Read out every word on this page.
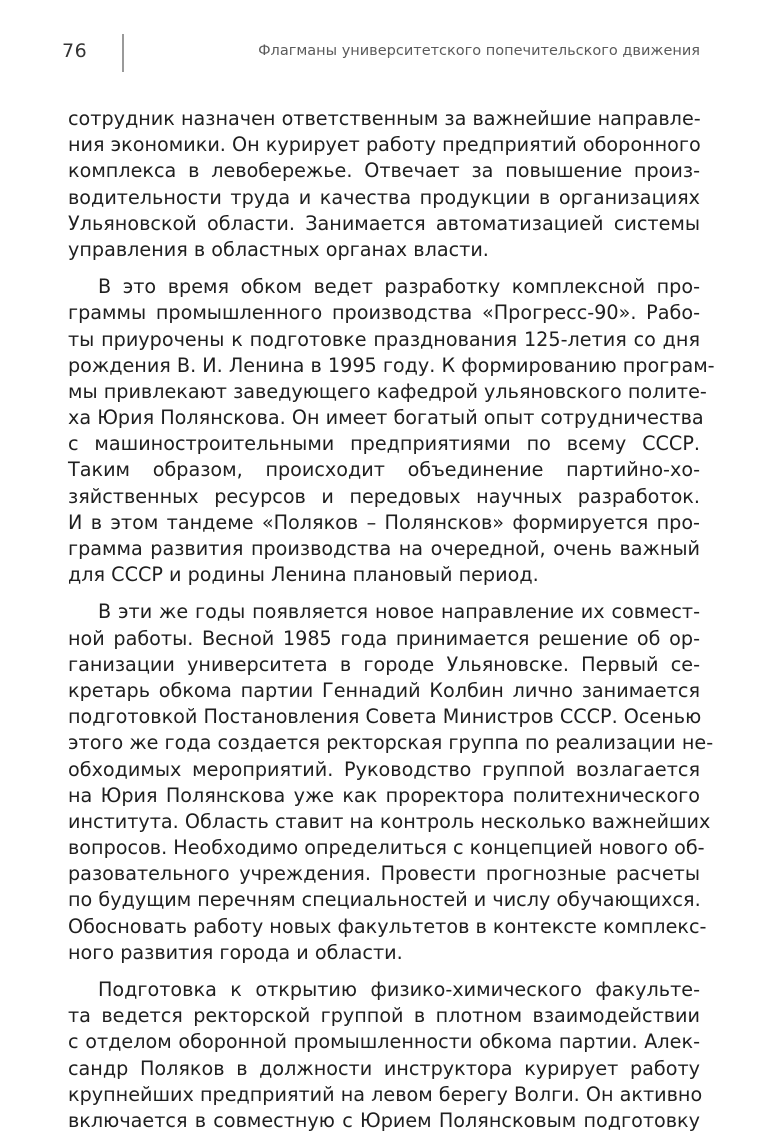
76	Флагманы университетского попечительского движения
сотрудник назначен ответственным за важнейшие направле-
ния экономики. Он курирует работу предприятий оборонного
комплекса в левобережье. Отвечает за повышение произ-
водительности труда и качества продукции в организациях
Ульяновской области. Занимается автоматизацией системы
управления в областных органах власти.
В это время обком ведет разработку комплексной про-
граммы промышленного производства «Прогресс-90». Рабо-
ты приурочены к подготовке празднования 125-летия со дня
рождения В. И. Ленина в 1995 году. К формированию програм-
мы привлекают заведующего кафедрой ульяновского полите-
ха Юрия Полянскова. Он имеет богатый опыт сотрудничества
с машиностроительными предприятиями по всему СССР.
Таким образом, происходит объединение партийно-хо-
зяйственных ресурсов и передовых научных разработок.
И в этом тандеме «Поляков – Полянсков» формируется про-
грамма развития производства на очередной, очень важный
для СССР и родины Ленина плановый период.
В эти же годы появляется новое направление их совмест-
ной работы. Весной 1985 года принимается решение об ор-
ганизации университета в городе Ульяновске. Первый се-
кретарь обкома партии Геннадий Колбин лично занимается
подготовкой Постановления Совета Министров СССР. Осенью
этого же года создается ректорская группа по реализации не-
обходимых мероприятий. Руководство группой возлагается
на Юрия Полянскова уже как проректора политехнического
института. Область ставит на контроль несколько важнейших
вопросов. Необходимо определиться с концепцией нового об-
разовательного учреждения. Провести прогнозные расчеты
по будущим перечням специальностей и числу обучающихся.
Обосновать работу новых факультетов в контексте комплекс-
ного развития города и области.
Подготовка к открытию физико-химического факульте-
та ведется ректорской группой в плотном взаимодействии
с отделом оборонной промышленности обкома партии. Алек-
сандр Поляков в должности инструктора курирует работу
крупнейших предприятий на левом берегу Волги. Он активно
включается в совместную с Юрием Полянсковым подготовку
